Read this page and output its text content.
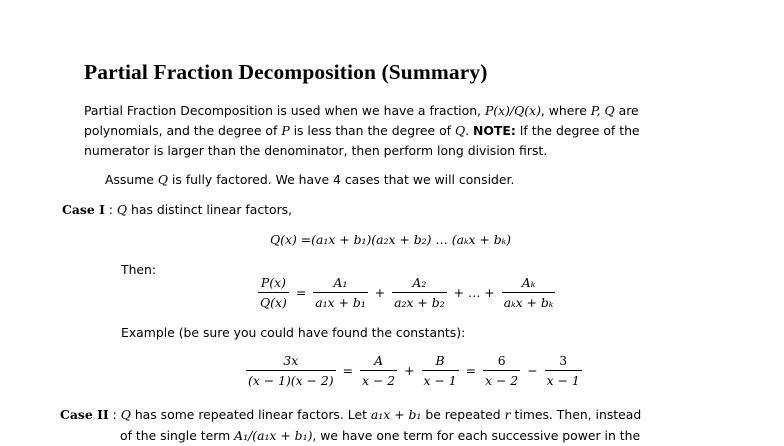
Partial Fraction Decomposition (Summary)
Partial Fraction Decomposition is used when we have a fraction, P(x)/Q(x), where P, Q are
polynomials, and the degree of P is less than the degree of Q. NOTE: If the degree of the
numerator is larger than the denominator, then perform long division first.
Assume Q is fully factored. We have 4 cases that we will consider.
Case I : Q has distinct linear factors,
Q(x) = (a₁x + b₁)(a₂x + b₂) … (aₖx + bₖ)
Then:
$\frac{P(x)}{Q(x)} = \frac{\text{A₁}}{\text{a₁x + b₁}} + \frac{\text{A₂}}{\text{a₂x + b₂}}$ + … + $\frac{\text{Aₖ}}{\text{aₖx + bₖ}}$
Example (be sure you could have found the constants):
$\frac{3x}{(x - 1)(x - 2)} = \frac{A}{x - 2} + \frac{B}{x - 1} = \frac{6}{x - 2} - \frac{3}{x - 1}$
Case II : Q has some repeated linear factors. Let a₁x + b₁ be repeated r times. Then, instead
of the single term A₁/(a₁x + b₁), we have one term for each successive power in the
